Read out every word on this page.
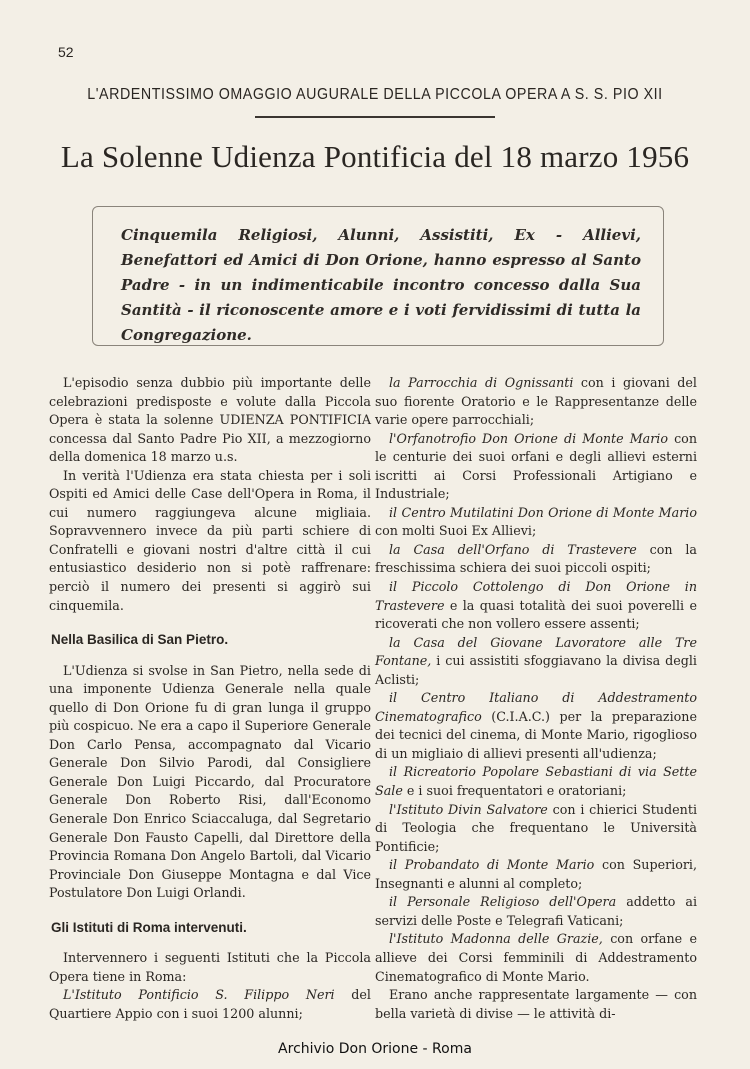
52
L'ARDENTISSIMO OMAGGIO AUGURALE DELLA PICCOLA OPERA A S. S. PIO XII
La Solenne Udienza Pontificia del 18 marzo 1956

Cinquemila Religiosi, Alunni, Assistiti, Ex - Allievi, Benefattori ed Amici di Don Orione, hanno espresso al Santo Padre - in un indimenticabile incontro concesso dalla Sua Santità - il riconoscente amore e i voti fervidissimi di tutta la Congregazione.

L'episodio senza dubbio più importante delle celebrazioni predisposte e volute dalla Piccola Opera è stata la solenne UDIENZA PONTIFICIA concessa dal Santo Padre Pio XII, a mezzogiorno della domenica 18 marzo u.s.

In verità l'Udienza era stata chiesta per i soli Ospiti ed Amici delle Case dell'Opera in Roma, il cui numero raggiungeva alcune migliaia. Sopravvennero invece da più parti schiere di Confratelli e giovani nostri d'altre città il cui entusiastico desiderio non si potè raffrenare: perciò il numero dei presenti si aggirò sui cinquemila.

Nella Basilica di San Pietro.

L'Udienza si svolse in San Pietro, nella sede di una imponente Udienza Generale nella quale quello di Don Orione fu di gran lunga il gruppo più cospicuo. Ne era a capo il Superiore Generale Don Carlo Pensa, accompagnato dal Vicario Generale Don Silvio Parodi, dal Consigliere Generale Don Luigi Piccardo, dal Procuratore Generale Don Roberto Risi, dall'Economo Generale Don Enrico Sciaccaluga, dal Segretario Generale Don Fausto Capelli, dal Direttore della Provincia Romana Don Angelo Bartoli, dal Vicario Provinciale Don Giuseppe Montagna e dal Vice Postulatore Don Luigi Orlandi.

Gli Istituti di Roma intervenuti.

Intervennero i seguenti Istituti che la Piccola Opera tiene in Roma:

L'Istituto Pontificio S. Filippo Neri del Quartiere Appio con i suoi 1200 alunni;

la Parrocchia di Ognissanti con i giovani del suo fiorente Oratorio e le Rappresentanze delle varie opere parrocchiali;

l'Orfanotrofio Don Orione di Monte Mario con le centurie dei suoi orfani e degli allievi esterni iscritti ai Corsi Professionali Artigiano e Industriale;

il Centro Mutilatini Don Orione di Monte Mario con molti Suoi Ex Allievi;

la Casa dell'Orfano di Trastevere con la freschissima schiera dei suoi piccoli ospiti;

il Piccolo Cottolengo di Don Orione in Trastevere e la quasi totalità dei suoi poverelli e ricoverati che non vollero essere assenti;

la Casa del Giovane Lavoratore alle Tre Fontane, i cui assistiti sfoggiavano la divisa degli Aclisti;

il Centro Italiano di Addestramento Cinematografico (C.I.A.C.) per la preparazione dei tecnici del cinema, di Monte Mario, rigoglioso di un migliaio di allievi presenti all'udienza;

il Ricreatorio Popolare Sebastiani di via Sette Sale e i suoi frequentatori e oratoriani;

l'Istituto Divin Salvatore con i chierici Studenti di Teologia che frequentano le Università Pontificie;

il Probandato di Monte Mario con Superiori, Insegnanti e alunni al completo;

il Personale Religioso dell'Opera addetto ai servizi delle Poste e Telegrafi Vaticani;

l'Istituto Madonna delle Grazie, con orfane e allieve dei Corsi femminili di Addestramento Cinematografico di Monte Mario.

Erano anche rappresentate largamente — con bella varietà di divise — le attività di-

Archivio Don Orione - Roma
